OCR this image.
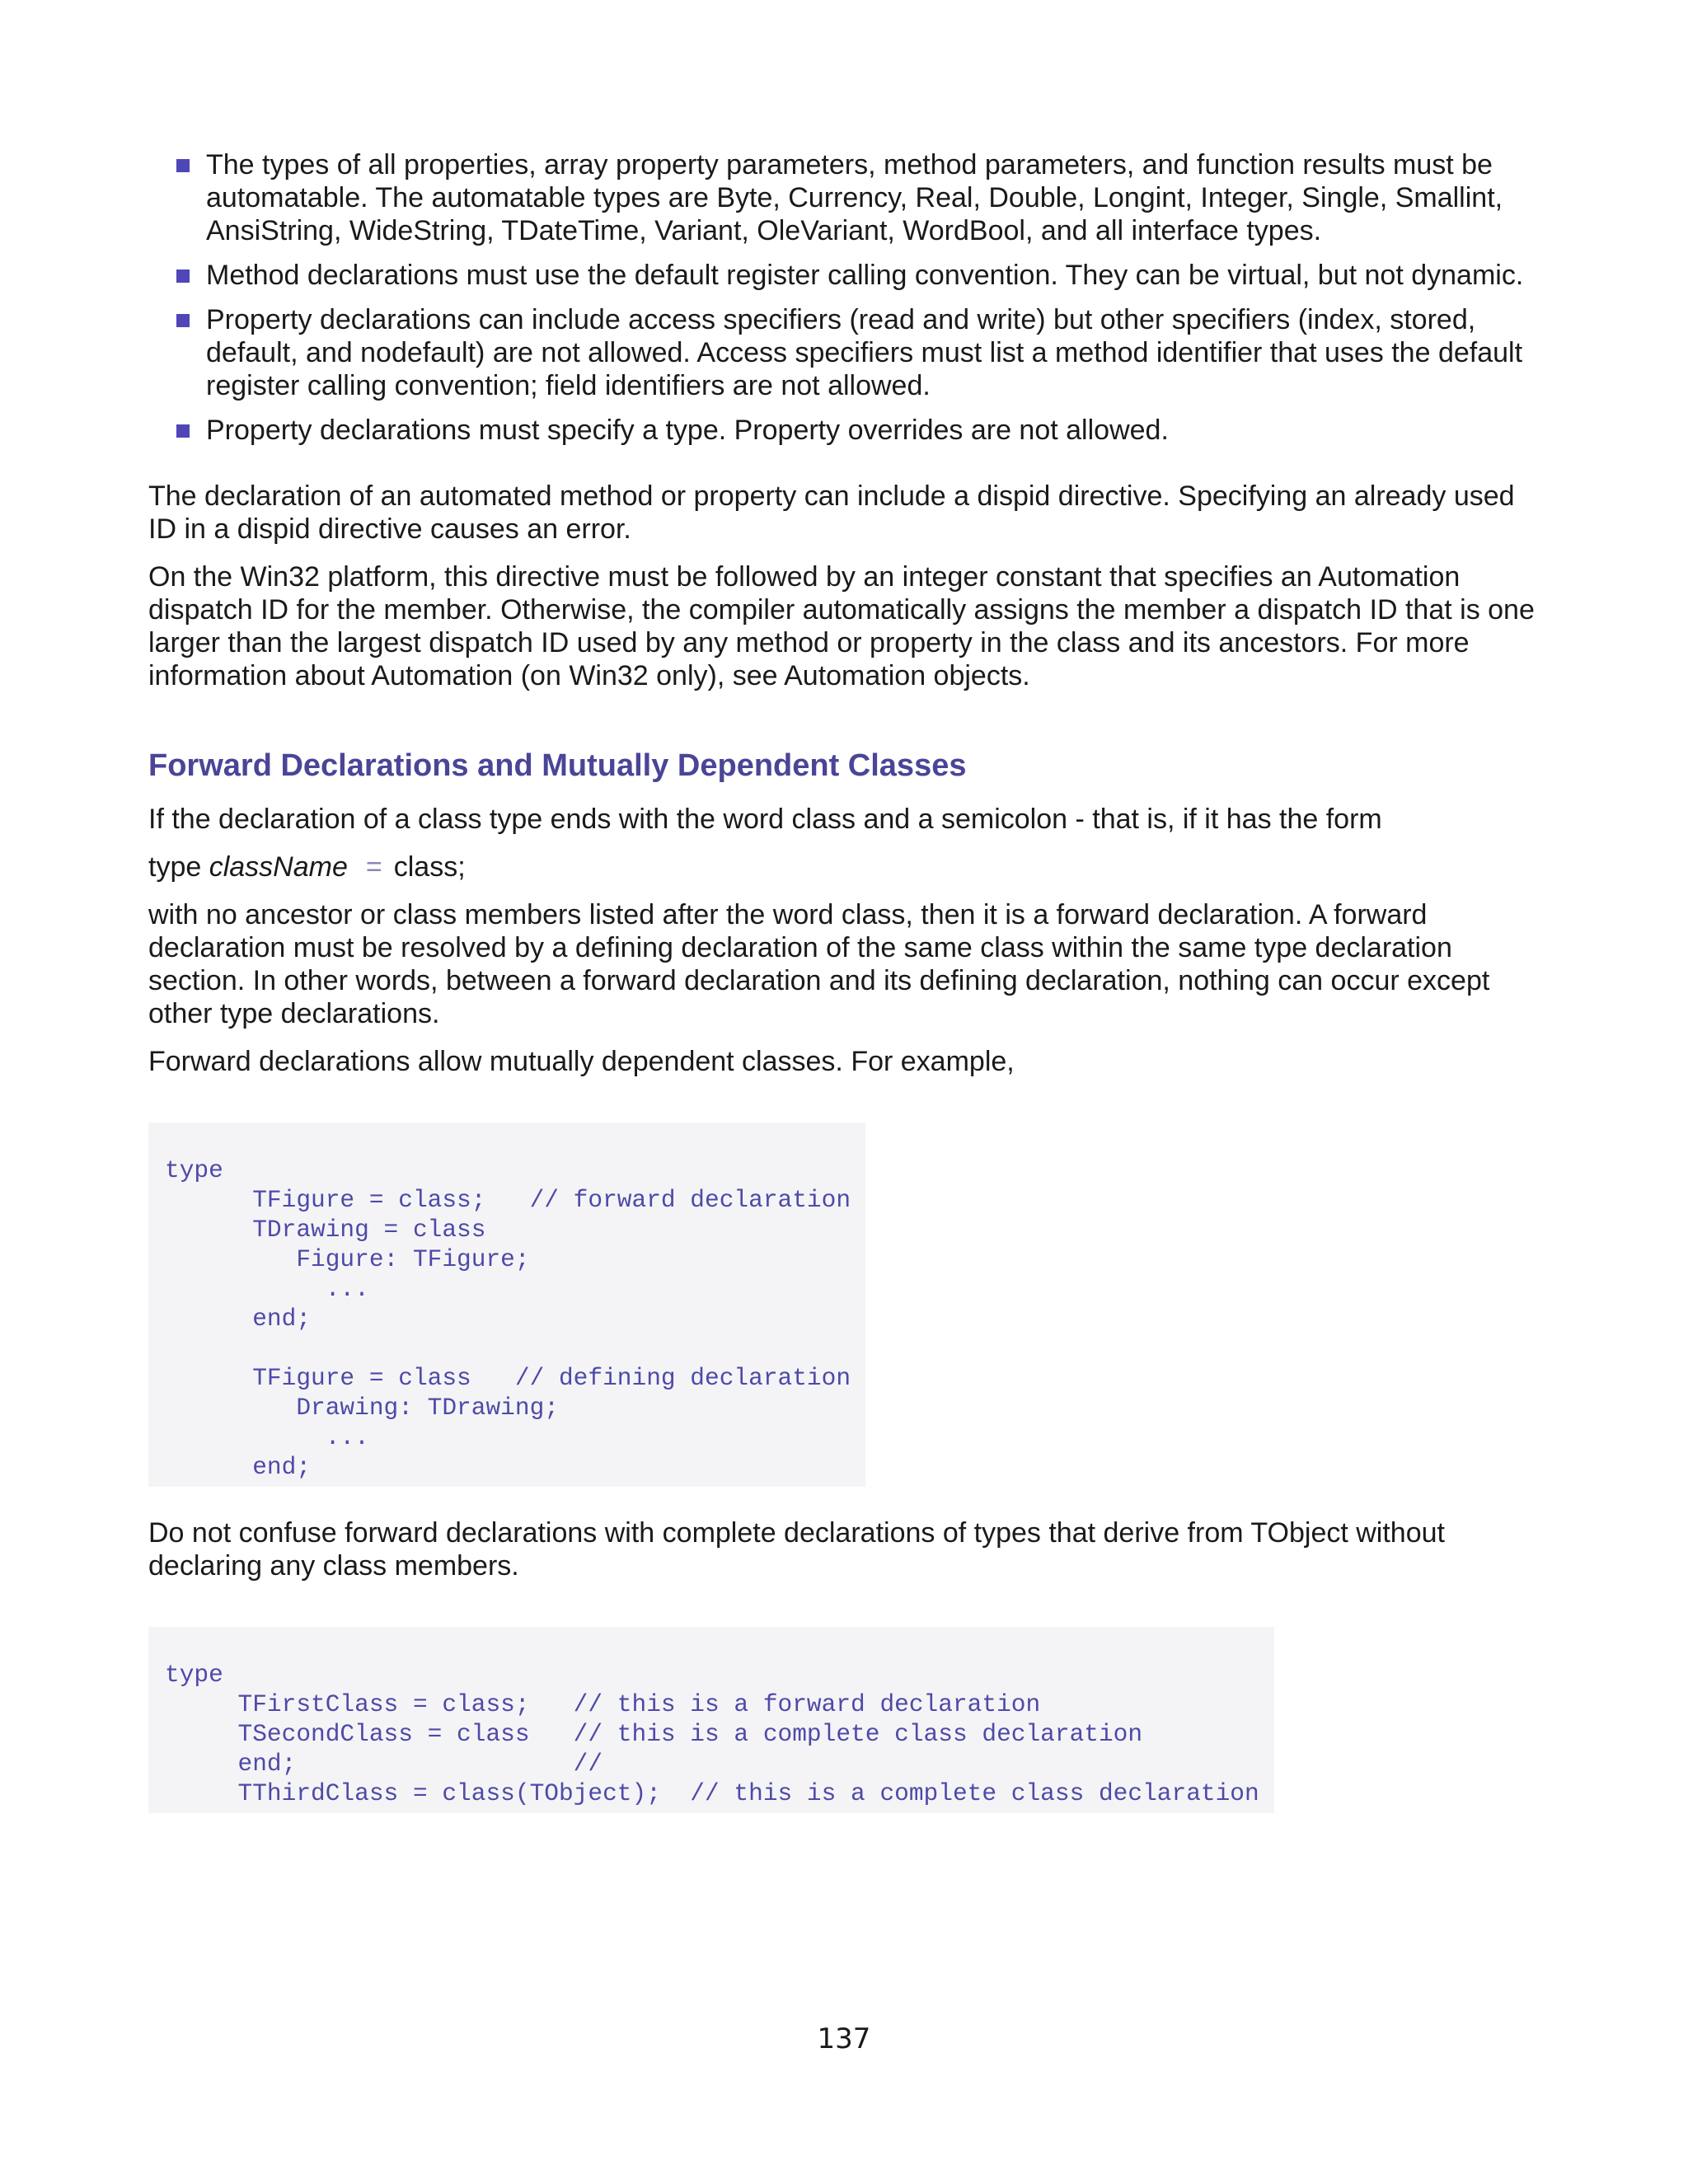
The types of all properties, array property parameters, method parameters, and function results must be automatable. The automatable types are Byte, Currency, Real, Double, Longint, Integer, Single, Smallint, AnsiString, WideString, TDateTime, Variant, OleVariant, WordBool, and all interface types.
Method declarations must use the default register calling convention. They can be virtual, but not dynamic.
Property declarations can include access specifiers (read and write) but other specifiers (index, stored, default, and nodefault) are not allowed. Access specifiers must list a method identifier that uses the default register calling convention; field identifiers are not allowed.
Property declarations must specify a type. Property overrides are not allowed.

The declaration of an automated method or property can include a dispid directive. Specifying an already used ID in a dispid directive causes an error.

On the Win32 platform, this directive must be followed by an integer constant that specifies an Automation dispatch ID for the member. Otherwise, the compiler automatically assigns the member a dispatch ID that is one larger than the largest dispatch ID used by any method or property in the class and its ancestors. For more information about Automation (on Win32 only), see Automation objects.

Forward Declarations and Mutually Dependent Classes

If the declaration of a class type ends with the word class and a semicolon - that is, if it has the form

type className = class;

with no ancestor or class members listed after the word class, then it is a forward declaration. A forward declaration must be resolved by a defining declaration of the same class within the same type declaration section. In other words, between a forward declaration and its defining declaration, nothing can occur except other type declarations.

Forward declarations allow mutually dependent classes. For example,

type
TFigure = class;   // forward declaration
TDrawing = class
Figure: TFigure;
...
end;

TFigure = class   // defining declaration
Drawing: TDrawing;
...
end;

Do not confuse forward declarations with complete declarations of types that derive from TObject without declaring any class members.

type
TFirstClass = class;   // this is a forward declaration
TSecondClass = class   // this is a complete class declaration
end;                   //
TThirdClass = class(TObject);  // this is a complete class declaration
137
